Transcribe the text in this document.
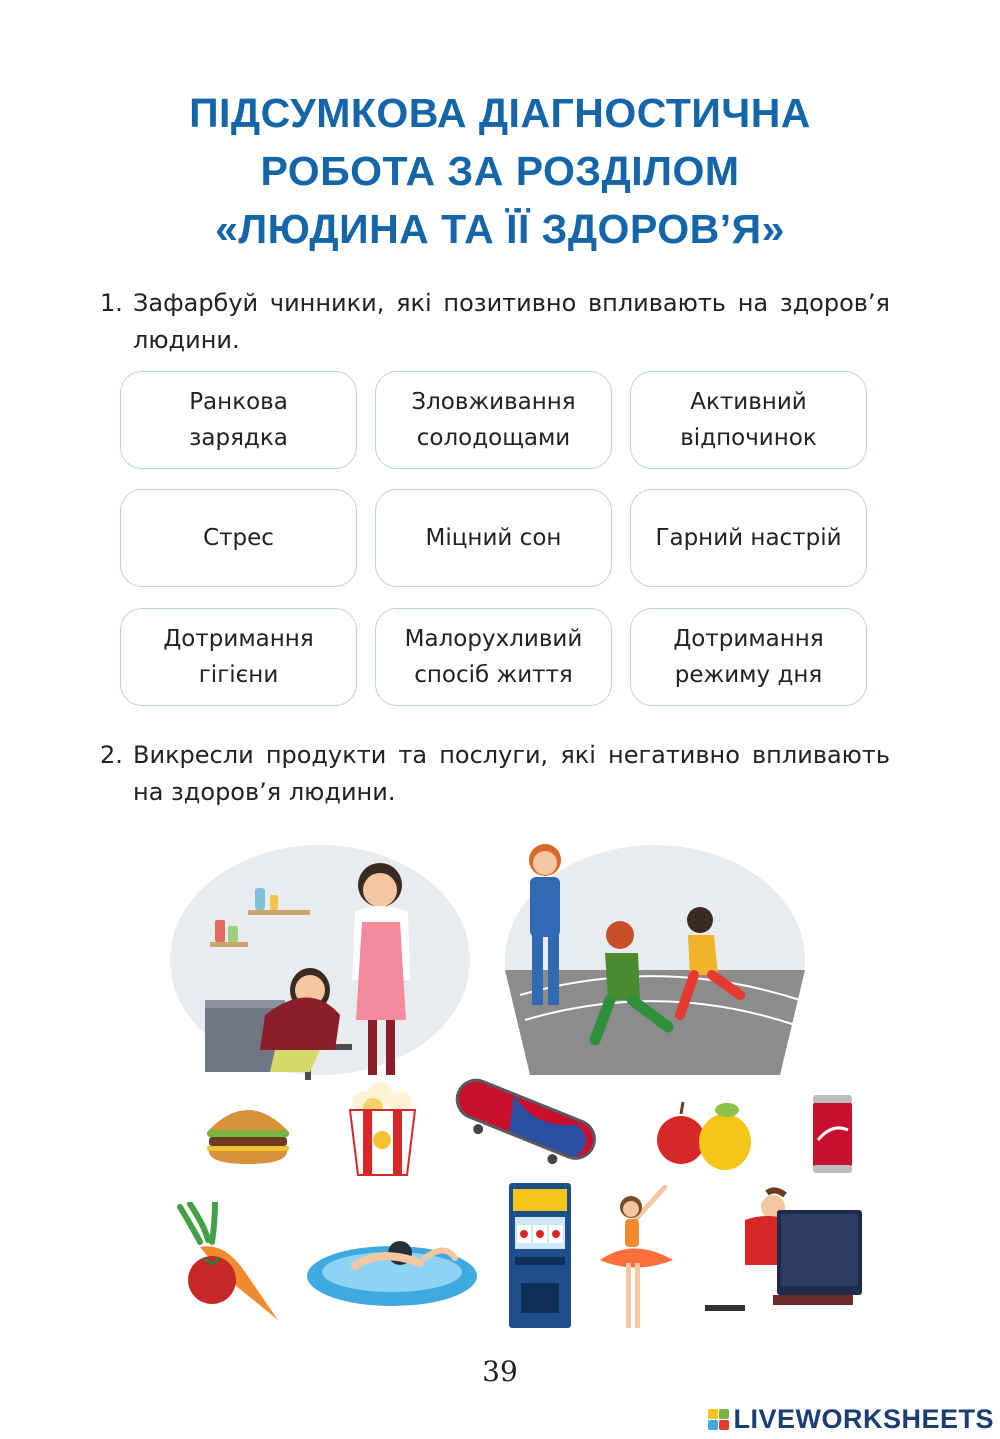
ПІДСУМКОВА ДІАГНОСТИЧНА
РОБОТА ЗА РОЗДІЛОМ
«ЛЮДИНА ТА ЇЇ ЗДОРОВ’Я»
1. Зафарбуй чинники, які позитивно впливають на здоров’я людини.
Ранкова
зарядка
Зловживання
солодощами
Активний
відпочинок
Стрес	Міцний сон	Гарний настрій
Дотримання
гігієни
Малорухливий
спосіб життя
Дотримання
режиму дня
2. Викресли продукти та послуги, які негативно впливають на здоров’я людини.
39
LIVEWORKSHEETS
